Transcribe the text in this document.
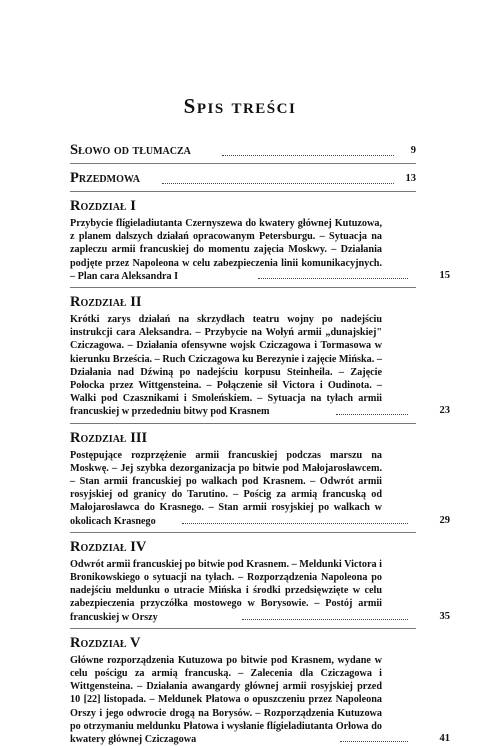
Spis treści
Słowo od tłumacza	9
Przedmowa	13
Rozdział I
Przybycie flígieladiutanta Czernyszewa do kwatery głównej Kutuzowa, z planem dalszych działań opracowanym Petersburgu. – Sytuacja na zapleczu armii francuskiej do momentu zajęcia Moskwy. – Działania podjęte przez Napoleona w celu zabezpieczenia linii komunikacyjnych. – Plan cara Aleksandra I	15
Rozdział II
Krótki zarys działań na skrzydłach teatru wojny po nadejściu instrukcji cara Aleksandra. – Przybycie na Wołyń armii „dunajskiej" Cziczagowa. – Działania ofensywne wojsk Cziczagowa i Tormasowa w kierunku Brześcia. – Ruch Cziczagowa ku Berezynie i zajęcie Mińska. – Działania nad Dźwiną po nadejściu korpusu Steinheila. – Zajęcie Połocka przez Wittgensteina. – Połączenie sił Victora i Oudinota. – Walki pod Czasznikami i Smoleńskiem. – Sytuacja na tyłach armii francuskiej w przededniu bitwy pod Krasnem	23
Rozdział III
Postępujące rozprzężenie armii francuskiej podczas marszu na Moskwę. – Jej szybka dezorganizacja po bitwie pod Małojarosławcem. – Stan armii francuskiej po walkach pod Krasnem. – Odwrót armii rosyjskiej od granicy do Tarutino. – Pościg za armią francuską od Małojarosławca do Krasnego. – Stan armii rosyjskiej po walkach w okolicach Krasnego	29
Rozdział IV
Odwrót armii francuskiej po bitwie pod Krasnem. – Meldunki Victora i Bronikowskiego o sytuacji na tyłach. – Rozporządzenia Napoleona po nadejściu meldunku o utracie Mińska i środki przedsięwzięte w celu zabezpieczenia przyczółka mostowego w Borysowie. – Postój armii francuskiej w Orszy	35
Rozdział V
Główne rozporządzenia Kutuzowa po bitwie pod Krasnem, wydane w celu pościgu za armią francuską. – Zalecenia dla Cziczagowa i Wittgensteina. – Działania awangardy głównej armii rosyjskiej przed 10 [22] listopada. – Meldunek Płatowa o opuszczeniu przez Napoleona Orszy i jego odwrocie drogą na Borysów. – Rozporządzenia Kutuzowa po otrzymaniu meldunku Płatowa i wysłanie flígieladiutanta Orłowa do kwatery głównej Cziczagowa	41
